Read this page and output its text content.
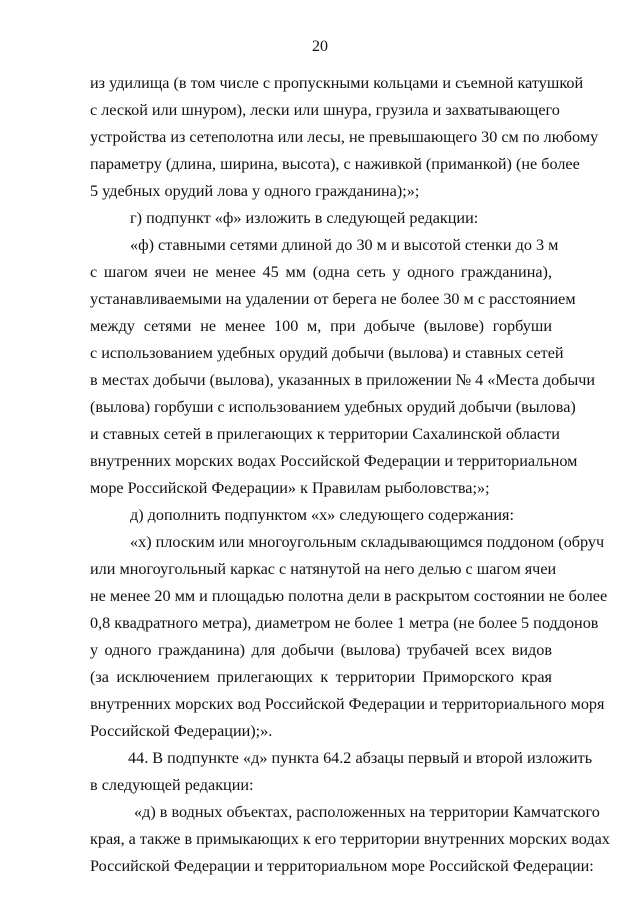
20
из удилища (в том числе с пропускными кольцами и съемной катушкой
с леской или шнуром), лески или шнура, грузила и захватывающего
устройства из сетеполотна или лесы, не превышающего 30 см по любому
параметру (длина, ширина, высота), с наживкой (приманкой) (не более
5 удебных орудий лова у одного гражданина);»;
г) подпункт «ф» изложить в следующей редакции:
«ф) ставными сетями длиной до 30 м и высотой стенки до 3 м
с шагом ячеи не менее 45 мм (одна сеть у одного гражданина),
устанавливаемыми на удалении от берега не более 30 м с расстоянием
между сетями не менее 100 м, при добыче (вылове) горбуши
с использованием удебных орудий добычи (вылова) и ставных сетей
в местах добычи (вылова), указанных в приложении № 4 «Места добычи
(вылова) горбуши с использованием удебных орудий добычи (вылова)
и ставных сетей в прилегающих к территории Сахалинской области
внутренних морских водах Российской Федерации и территориальном
море Российской Федерации» к Правилам рыболовства;»;
д) дополнить подпунктом «х» следующего содержания:
«х) плоским или многоугольным складывающимся поддоном (обруч
или многоугольный каркас с натянутой на него делью с шагом ячеи
не менее 20 мм и площадью полотна дели в раскрытом состоянии не более
0,8 квадратного метра), диаметром не более 1 метра (не более 5 поддонов
у одного гражданина) для добычи (вылова) трубачей всех видов
(за исключением прилегающих к территории Приморского края
внутренних морских вод Российской Федерации и территориального моря
Российской Федерации);».
44. В подпункте «д» пункта 64.2 абзацы первый и второй изложить
в следующей редакции:
«д) в водных объектах, расположенных на территории Камчатского
края, а также в примыкающих к его территории внутренних морских водах
Российской Федерации и территориальном море Российской Федерации:
